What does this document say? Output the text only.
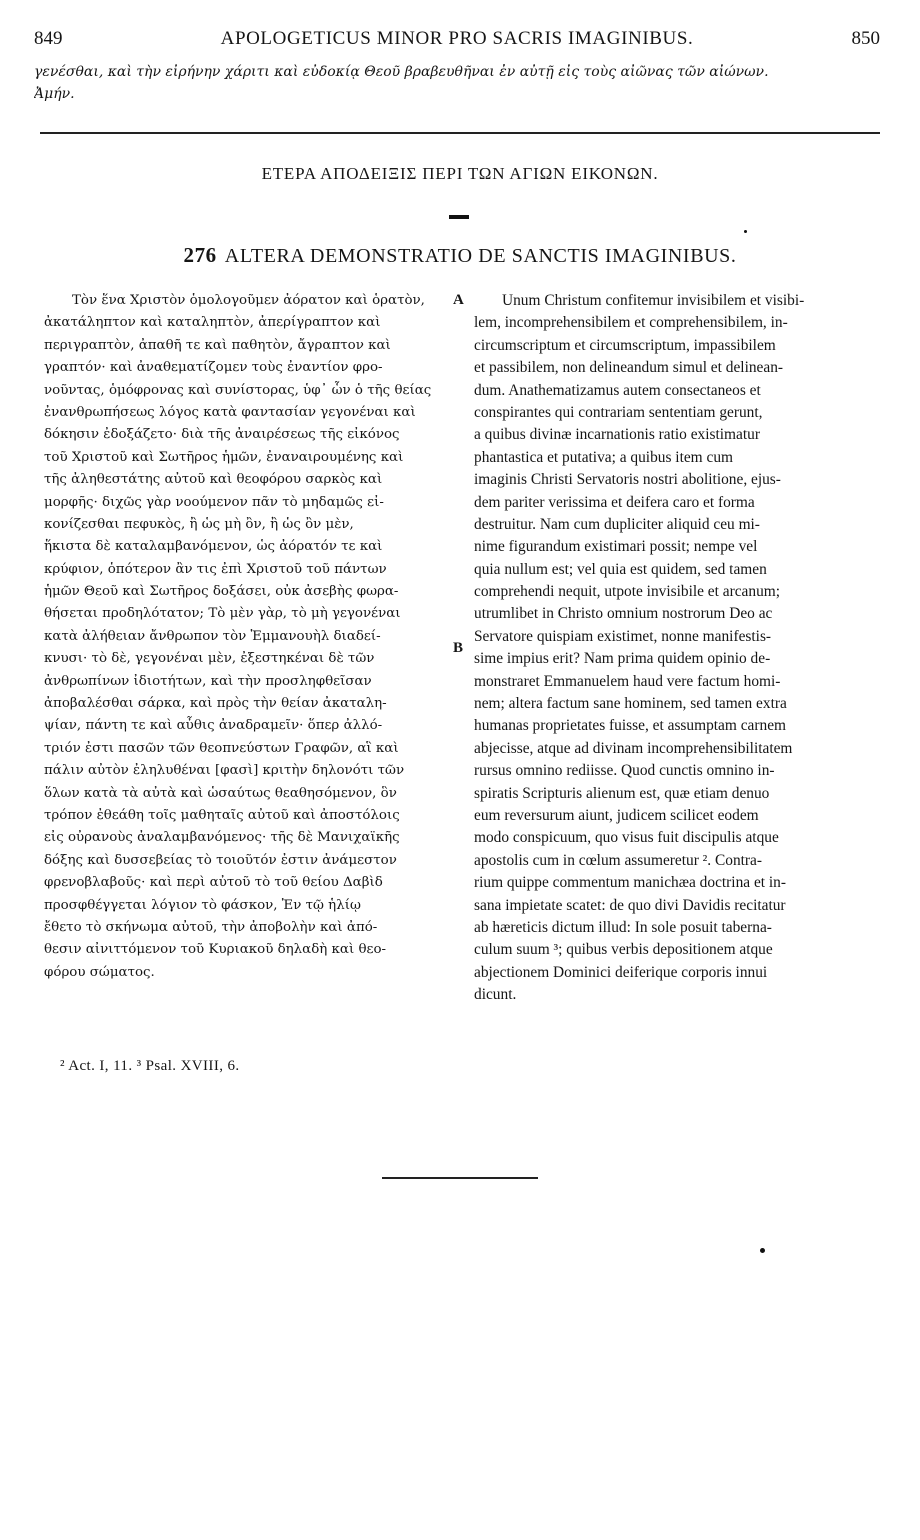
849	APOLOGETICUS MINOR PRO SACRIS IMAGINIBUS.	850
γενέσθαι, καὶ τὴν εἰρήνην χάριτι καὶ εὐδοκίᾳ Θεοῦ βραβευθῆναι ἐν αὐτῇ εἰς τοὺς αἰῶνας τῶν αἰώνων.
Ἀμήν.
ΕΤΕΡΑ ΑΠΟΔΕΙΞΙΣ ΠΕΡΙ ΤΩΝ ΑΓΙΩΝ ΕΙΚΟΝΩΝ.
276 ALTERA DEMONSTRATIO DE SANCTIS IMAGINIBUS.
A
B
Τὸν ἕνα Χριστὸν ὁμολογοῦμεν ἀόρατον καὶ ὁρατὸν,
ἀκατάληπτον καὶ καταληπτὸν, ἀπερίγραπτον καὶ
περιγραπτὸν, ἀπαθῆ τε καὶ παθητὸν, ἄγραπτον καὶ
γραπτόν· καὶ ἀναθεματίζομεν τοὺς ἐναντίον φρο-
νοῦντας, ὁμόφρονας καὶ συνίστορας, ὑφ᾽ ὧν ὁ τῆς θείας
ἐνανθρωπήσεως λόγος κατὰ φαντασίαν γεγονέναι καὶ
δόκησιν ἐδοξάζετο· διὰ τῆς ἀναιρέσεως τῆς εἰκόνος
τοῦ Χριστοῦ καὶ Σωτῆρος ἡμῶν, ἐναναιρουμένης καὶ
τῆς ἀληθεστάτης αὐτοῦ καὶ θεοφόρου σαρκὸς καὶ
μορφῆς· διχῶς γὰρ νοούμενον πᾶν τὸ μηδαμῶς εἰ-
κονίζεσθαι πεφυκὸς, ἢ ὡς μὴ ὂν, ἢ ὡς ὂν μὲν,
ἥκιστα δὲ καταλαμβανόμενον, ὡς ἀόρατόν τε καὶ
κρύφιον, ὁπότερον ἂν τις ἐπὶ Χριστοῦ τοῦ πάντων
ἡμῶν Θεοῦ καὶ Σωτῆρος δοξάσει, οὐκ ἀσεβὴς φωρα-
θήσεται προδηλότατον; Τὸ μὲν γὰρ, τὸ μὴ γεγονέναι
κατὰ ἀλήθειαν ἄνθρωπον τὸν Ἐμμανουὴλ διαδεί-
κνυσι· τὸ δὲ, γεγονέναι μὲν, ἐξεστηκέναι δὲ τῶν
ἀνθρωπίνων ἰδιοτήτων, καὶ τὴν προσληφθεῖσαν
ἀποβαλέσθαι σάρκα, καὶ πρὸς τὴν θείαν ἀκαταλη-
ψίαν, πάντη τε καὶ αὖθις ἀναδραμεῖν· ὅπερ ἀλλό-
τριόν ἐστι πασῶν τῶν θεοπνεύστων Γραφῶν, αἳ καὶ
πάλιν αὐτὸν ἐληλυθέναι [φασὶ] κριτὴν δηλονότι τῶν
ὅλων κατὰ τὰ αὐτὰ καὶ ὡσαύτως θεαθησόμενον, ὃν
τρόπον ἐθεάθη τοῖς μαθηταῖς αὐτοῦ καὶ ἀποστόλοις
εἰς οὐρανοὺς ἀναλαμβανόμενος· τῆς δὲ Μανιχαϊκῆς
δόξης καὶ δυσσεβείας τὸ τοιοῦτόν ἐστιν ἀνάμεστον
φρενοβλαβοῦς· καὶ περὶ αὐτοῦ τὸ τοῦ θείου Δαβὶδ
προσφθέγγεται λόγιον τὸ φάσκον, Ἐν τῷ ἡλίῳ
ἔθετο τὸ σκήνωμα αὐτοῦ, τὴν ἀποβολὴν καὶ ἀπό-
θεσιν αἰνιττόμενον τοῦ Κυριακοῦ δηλαδὴ καὶ θεο-
φόρου σώματος.
Unum Christum confitemur invisibilem et visibi-
lem, incomprehensibilem et comprehensibilem, in-
circumscriptum et circumscriptum, impassibilem
et passibilem, non delineandum simul et delinean-
dum. Anathematizamus autem consectaneos et
conspirantes qui contrariam sententiam gerunt,
a quibus divinæ incarnationis ratio existimatur
phantastica et putativa; a quibus item cum
imaginis Christi Servatoris nostri abolitione, ejus-
dem pariter verissima et deifera caro et forma
destruitur. Nam cum dupliciter aliquid ceu mi-
nime figurandum existimari possit; nempe vel
quia nullum est; vel quia est quidem, sed tamen
comprehendi nequit, utpote invisibile et arcanum;
utrumlibet in Christo omnium nostrorum Deo ac
Servatore quispiam existimet, nonne manifestis-
sime impius erit? Nam prima quidem opinio de-
monstraret Emmanuelem haud vere factum homi-
nem; altera factum sane hominem, sed tamen extra
humanas proprietates fuisse, et assumptam carnem
abjecisse, atque ad divinam incomprehensibilitatem
rursus omnino rediisse. Quod cunctis omnino in-
spiratis Scripturis alienum est, quæ etiam denuo
eum reversurum aiunt, judicem scilicet eodem
modo conspicuum, quo visus fuit discipulis atque
apostolis cum in cœlum assumeretur ². Contra-
rium quippe commentum manichæa doctrina et in-
sana impietate scatet: de quo divi Davidis recitatur
ab hæreticis dictum illud: In sole posuit taberna-
culum suum ³; quibus verbis depositionem atque
abjectionem Dominici deiferique corporis innui
dicunt.
² Act. I, 11. ³ Psal. XVIII, 6.
